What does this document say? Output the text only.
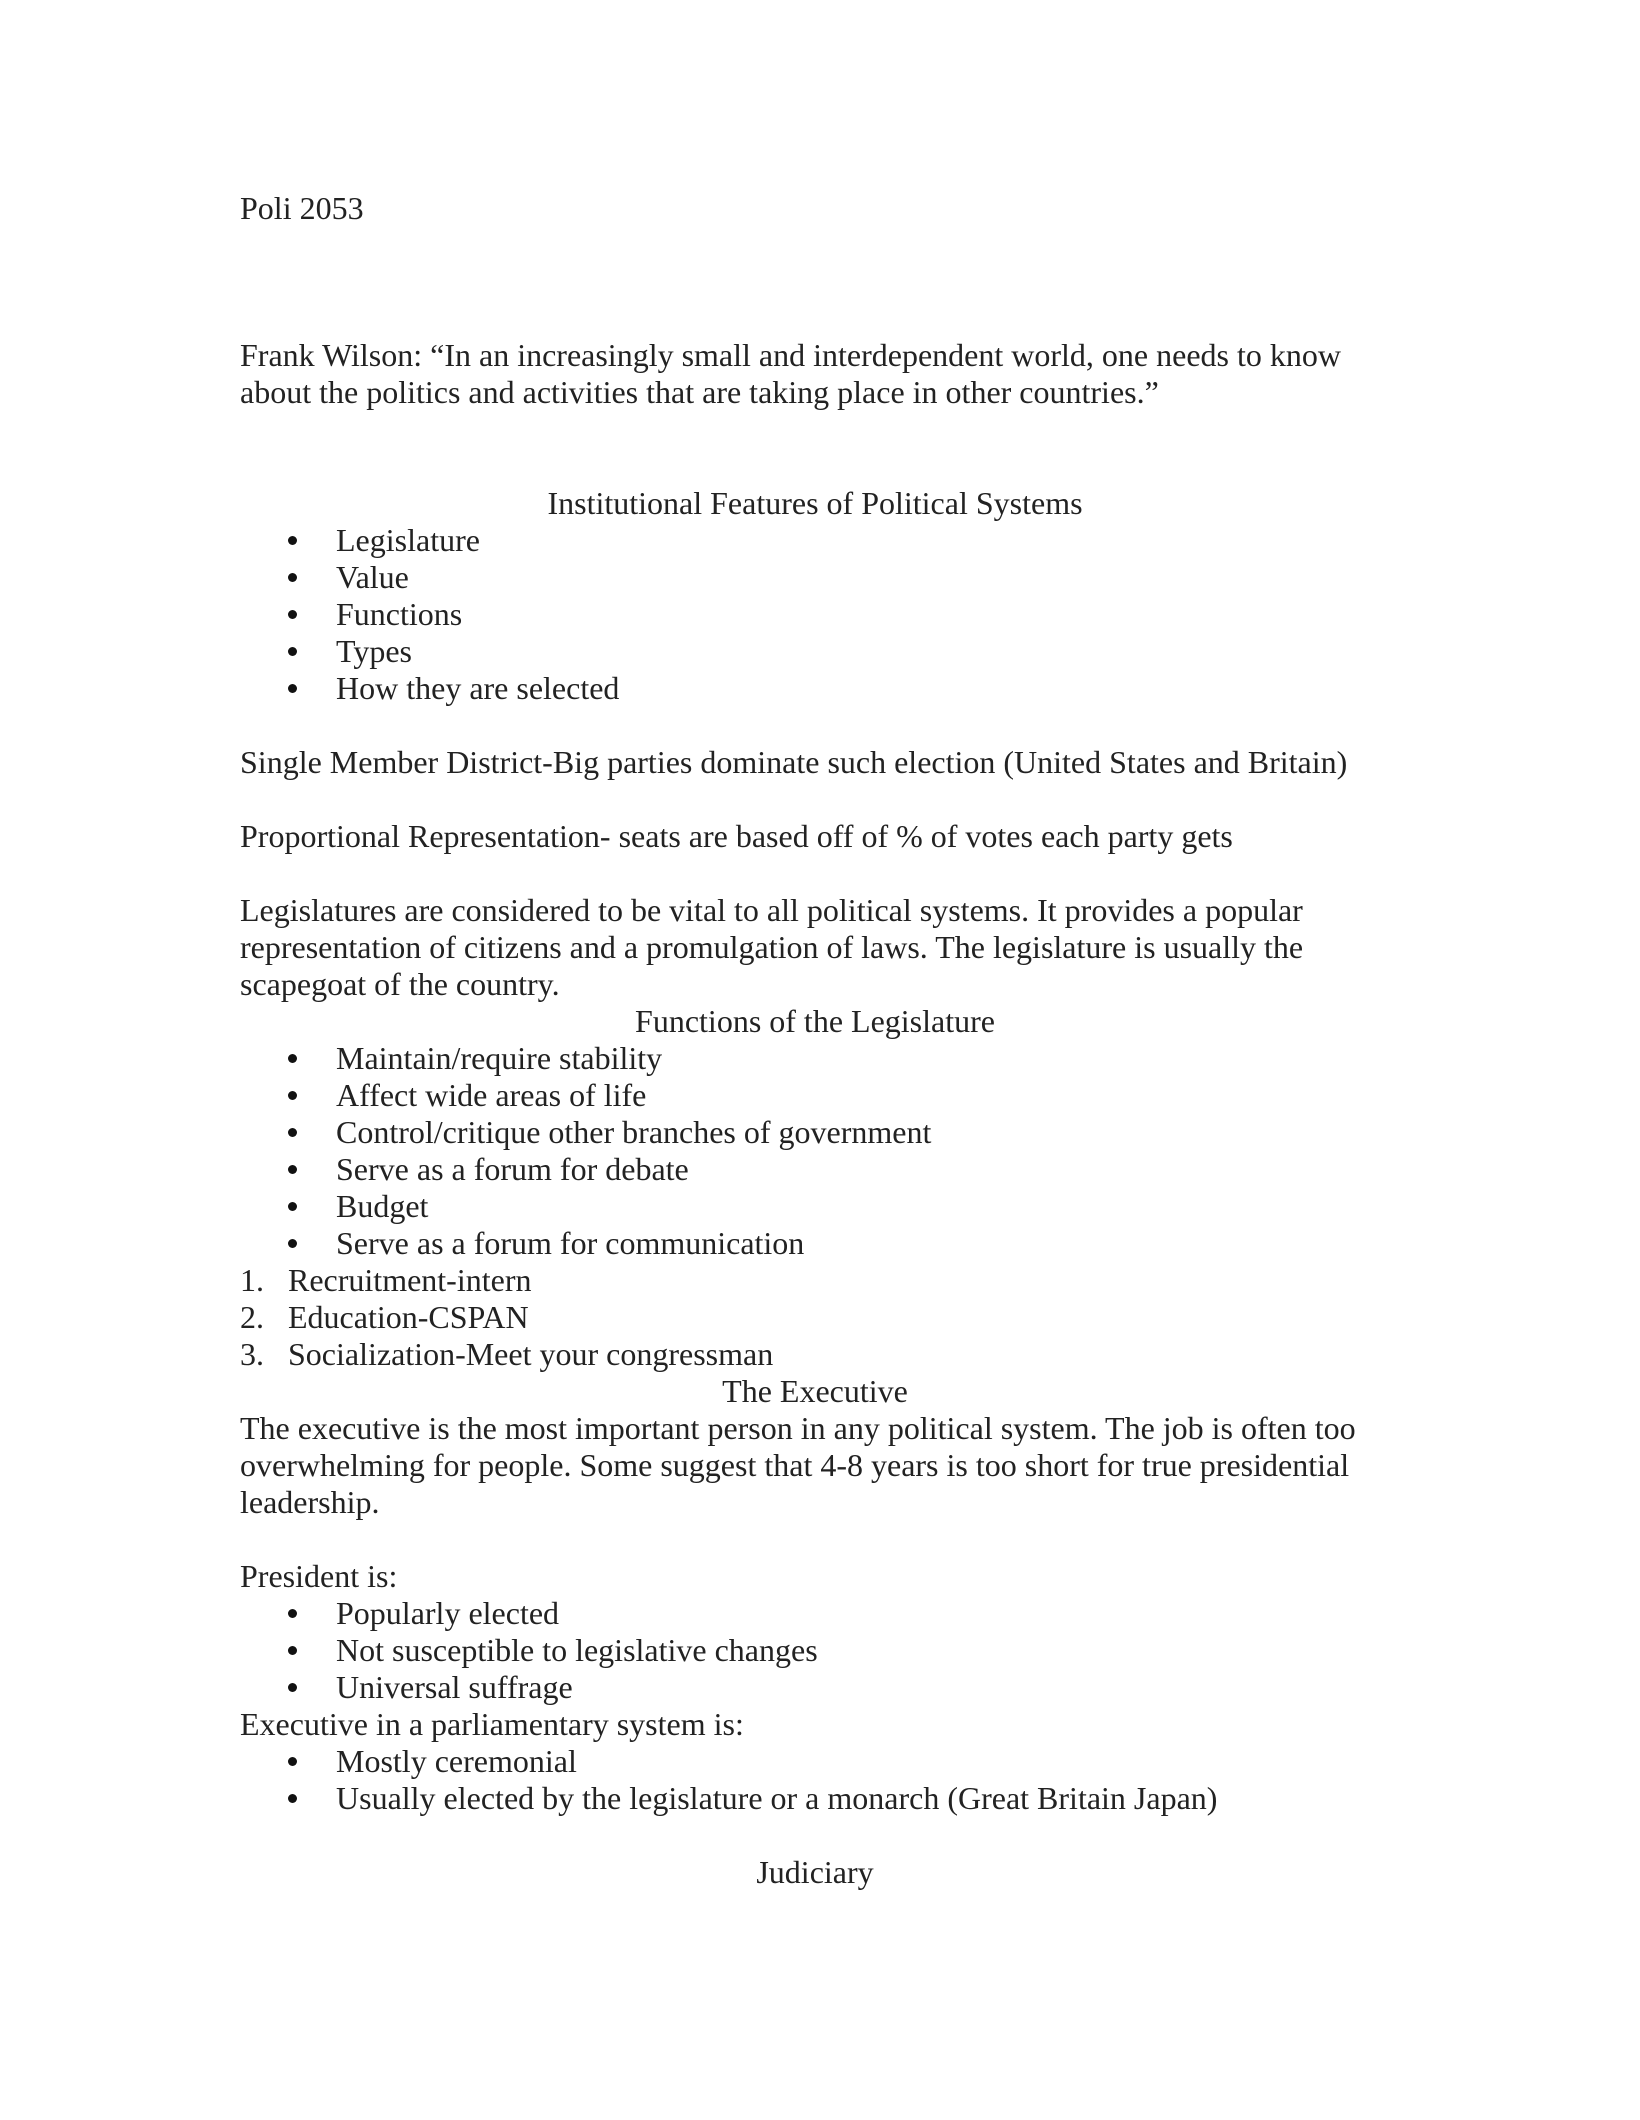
Poli 2053

Frank Wilson: “In an increasingly small and interdependent world, one needs to know about the politics and activities that are taking place in other countries.”

Institutional Features of Political Systems

Legislature
Value
Functions
Types
How they are selected

Single Member District-Big parties dominate such election (United States and Britain)

Proportional Representation- seats are based off of % of votes each party gets

Legislatures are considered to be vital to all political systems. It provides a popular representation of citizens and a promulgation of laws. The legislature is usually the scapegoat of the country.

Functions of the Legislature

Maintain/require stability
Affect wide areas of life
Control/critique other branches of government
Serve as a forum for debate
Budget
Serve as a forum for communication
1. Recruitment-intern
2. Education-CSPAN
3. Socialization-Meet your congressman

The Executive

The executive is the most important person in any political system. The job is often too overwhelming for people. Some suggest that 4-8 years is too short for true presidential leadership.

President is:

Popularly elected
Not susceptible to legislative changes
Universal suffrage

Executive in a parliamentary system is:

Mostly ceremonial
Usually elected by the legislature or a monarch (Great Britain Japan)

Judiciary
